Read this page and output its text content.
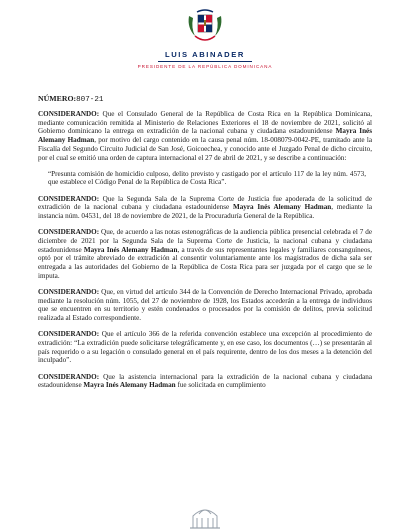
LUIS ABINADER
PRESIDENTE DE LA REPÚBLICA DOMINICANA
NÚMERO:807-21

CONSIDERANDO: Que el Consulado General de la República de Costa Rica en la República Dominicana, mediante comunicación remitida al Ministerio de Relaciones Exteriores el 18 de noviembre de 2021, solicitó al Gobierno dominicano la entrega en extradición de la nacional cubana y ciudadana estadounidense Mayra Inés Alemany Hadman, por motivo del cargo contenido en la causa penal núm. 18-008079-0042-PE, tramitado ante la Fiscalía del Segundo Circuito Judicial de San José, Goicoechea, y conocido ante el Juzgado Penal de dicho circuito, por el cual se emitió una orden de captura internacional el 27 de abril de 2021, y se describe a continuación:

“Presunta comisión de homicidio culposo, delito previsto y castigado por el artículo 117 de la ley núm. 4573, que establece el Código Penal de la República de Costa Rica”.

CONSIDERANDO: Que la Segunda Sala de la Suprema Corte de Justicia fue apoderada de la solicitud de extradición de la nacional cubana y ciudadana estadounidense Mayra Inés Alemany Hadman, mediante la instancia núm. 04531, del 18 de noviembre de 2021, de la Procuraduría General de la República.

CONSIDERANDO: Que, de acuerdo a las notas estenográficas de la audiencia pública presencial celebrada el 7 de diciembre de 2021 por la Segunda Sala de la Suprema Corte de Justicia, la nacional cubana y ciudadana estadounidense Mayra Inés Alemany Hadman, a través de sus representantes legales y familiares consanguíneos, optó por el trámite abreviado de extradición al consentir voluntariamente ante los magistrados de dicha sala ser entregada a las autoridades del Gobierno de la República de Costa Rica para ser juzgada por el cargo que se le imputa.

CONSIDERANDO: Que, en virtud del artículo 344 de la Convención de Derecho Internacional Privado, aprobada mediante la resolución núm. 1055, del 27 de noviembre de 1928, los Estados accederán a la entrega de individuos que se encuentren en su territorio y estén condenados o procesados por la comisión de delitos, previa solicitud realizada al Estado correspondiente.

CONSIDERANDO: Que el artículo 366 de la referida convención establece una excepción al procedimiento de extradición: “La extradición puede solicitarse telegráficamente y, en ese caso, los documentos (…) se presentarán al país requerido o a su legación o consulado general en el país requirente, dentro de los dos meses a la detención del inculpado”.

CONSIDERANDO: Que la asistencia internacional para la extradición de la nacional cubana y ciudadana estadounidense Mayra Inés Alemany Hadman fue solicitada en cumplimiento
